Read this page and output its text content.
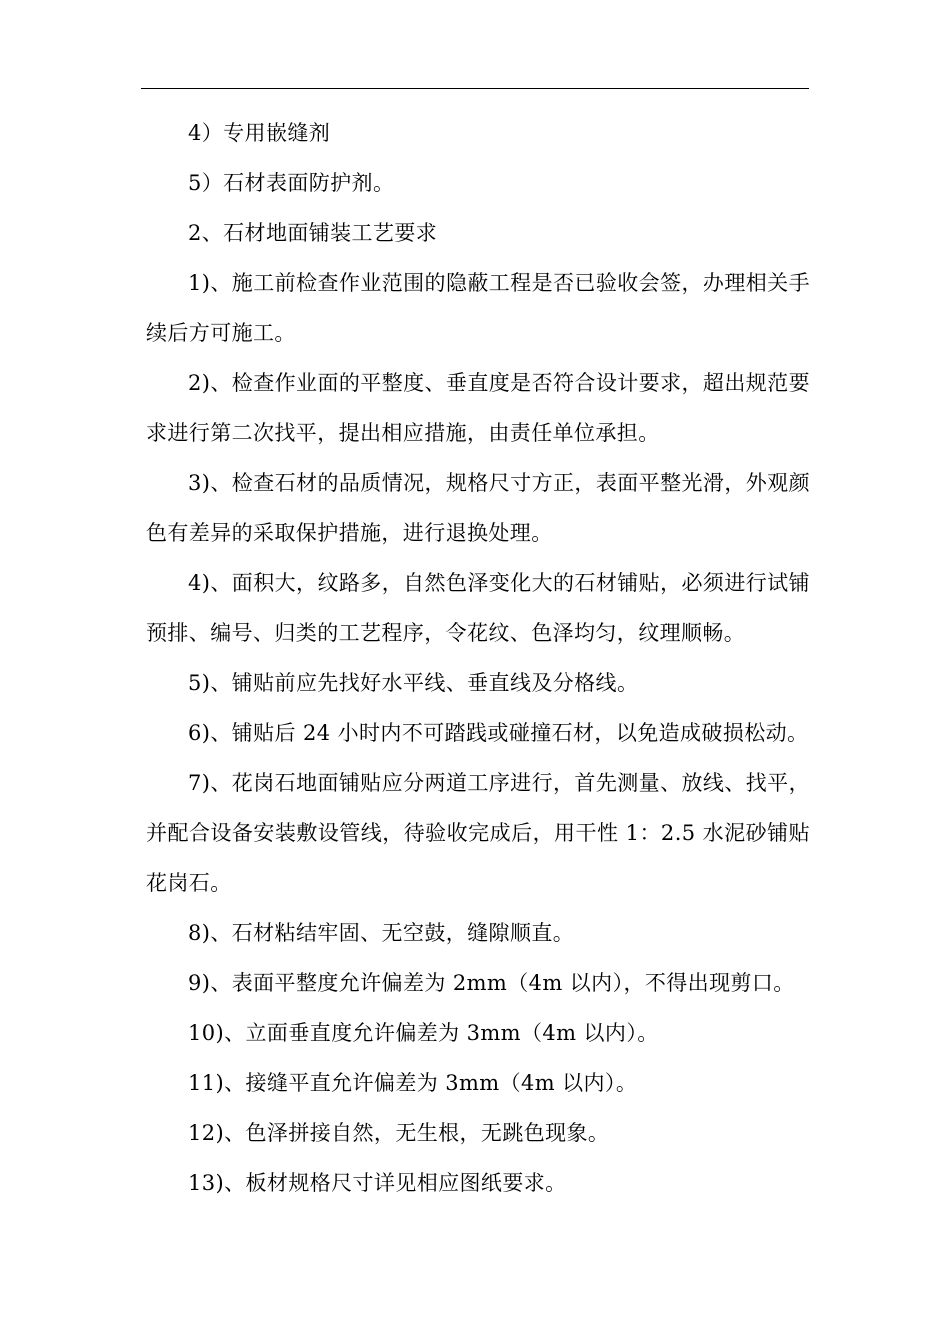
4）专用嵌缝剂

5）石材表面防护剂。

2、石材地面铺装工艺要求

1)、施工前检查作业范围的隐蔽工程是否已验收会签，办理相关手续后方可施工。

2)、检查作业面的平整度、垂直度是否符合设计要求，超出规范要求进行第二次找平，提出相应措施，由责任单位承担。

3)、检查石材的品质情况，规格尺寸方正，表面平整光滑，外观颜色有差异的采取保护措施，进行退换处理。

4)、面积大，纹路多，自然色泽变化大的石材铺贴，必须进行试铺预排、编号、归类的工艺程序，令花纹、色泽均匀，纹理顺畅。

5)、铺贴前应先找好水平线、垂直线及分格线。

6)、铺贴后 24 小时内不可踏践或碰撞石材，以免造成破损松动。

7)、花岗石地面铺贴应分两道工序进行，首先测量、放线、找平，并配合设备安装敷设管线，待验收完成后，用干性 1：2.5 水泥砂铺贴花岗石。

8)、石材粘结牢固、无空鼓，缝隙顺直。

9)、表面平整度允许偏差为 2mm（4m 以内），不得出现剪口。

10)、立面垂直度允许偏差为 3mm（4m 以内）。

11)、接缝平直允许偏差为 3mm（4m 以内）。

12)、色泽拼接自然，无生根，无跳色现象。

13)、板材规格尺寸详见相应图纸要求。
